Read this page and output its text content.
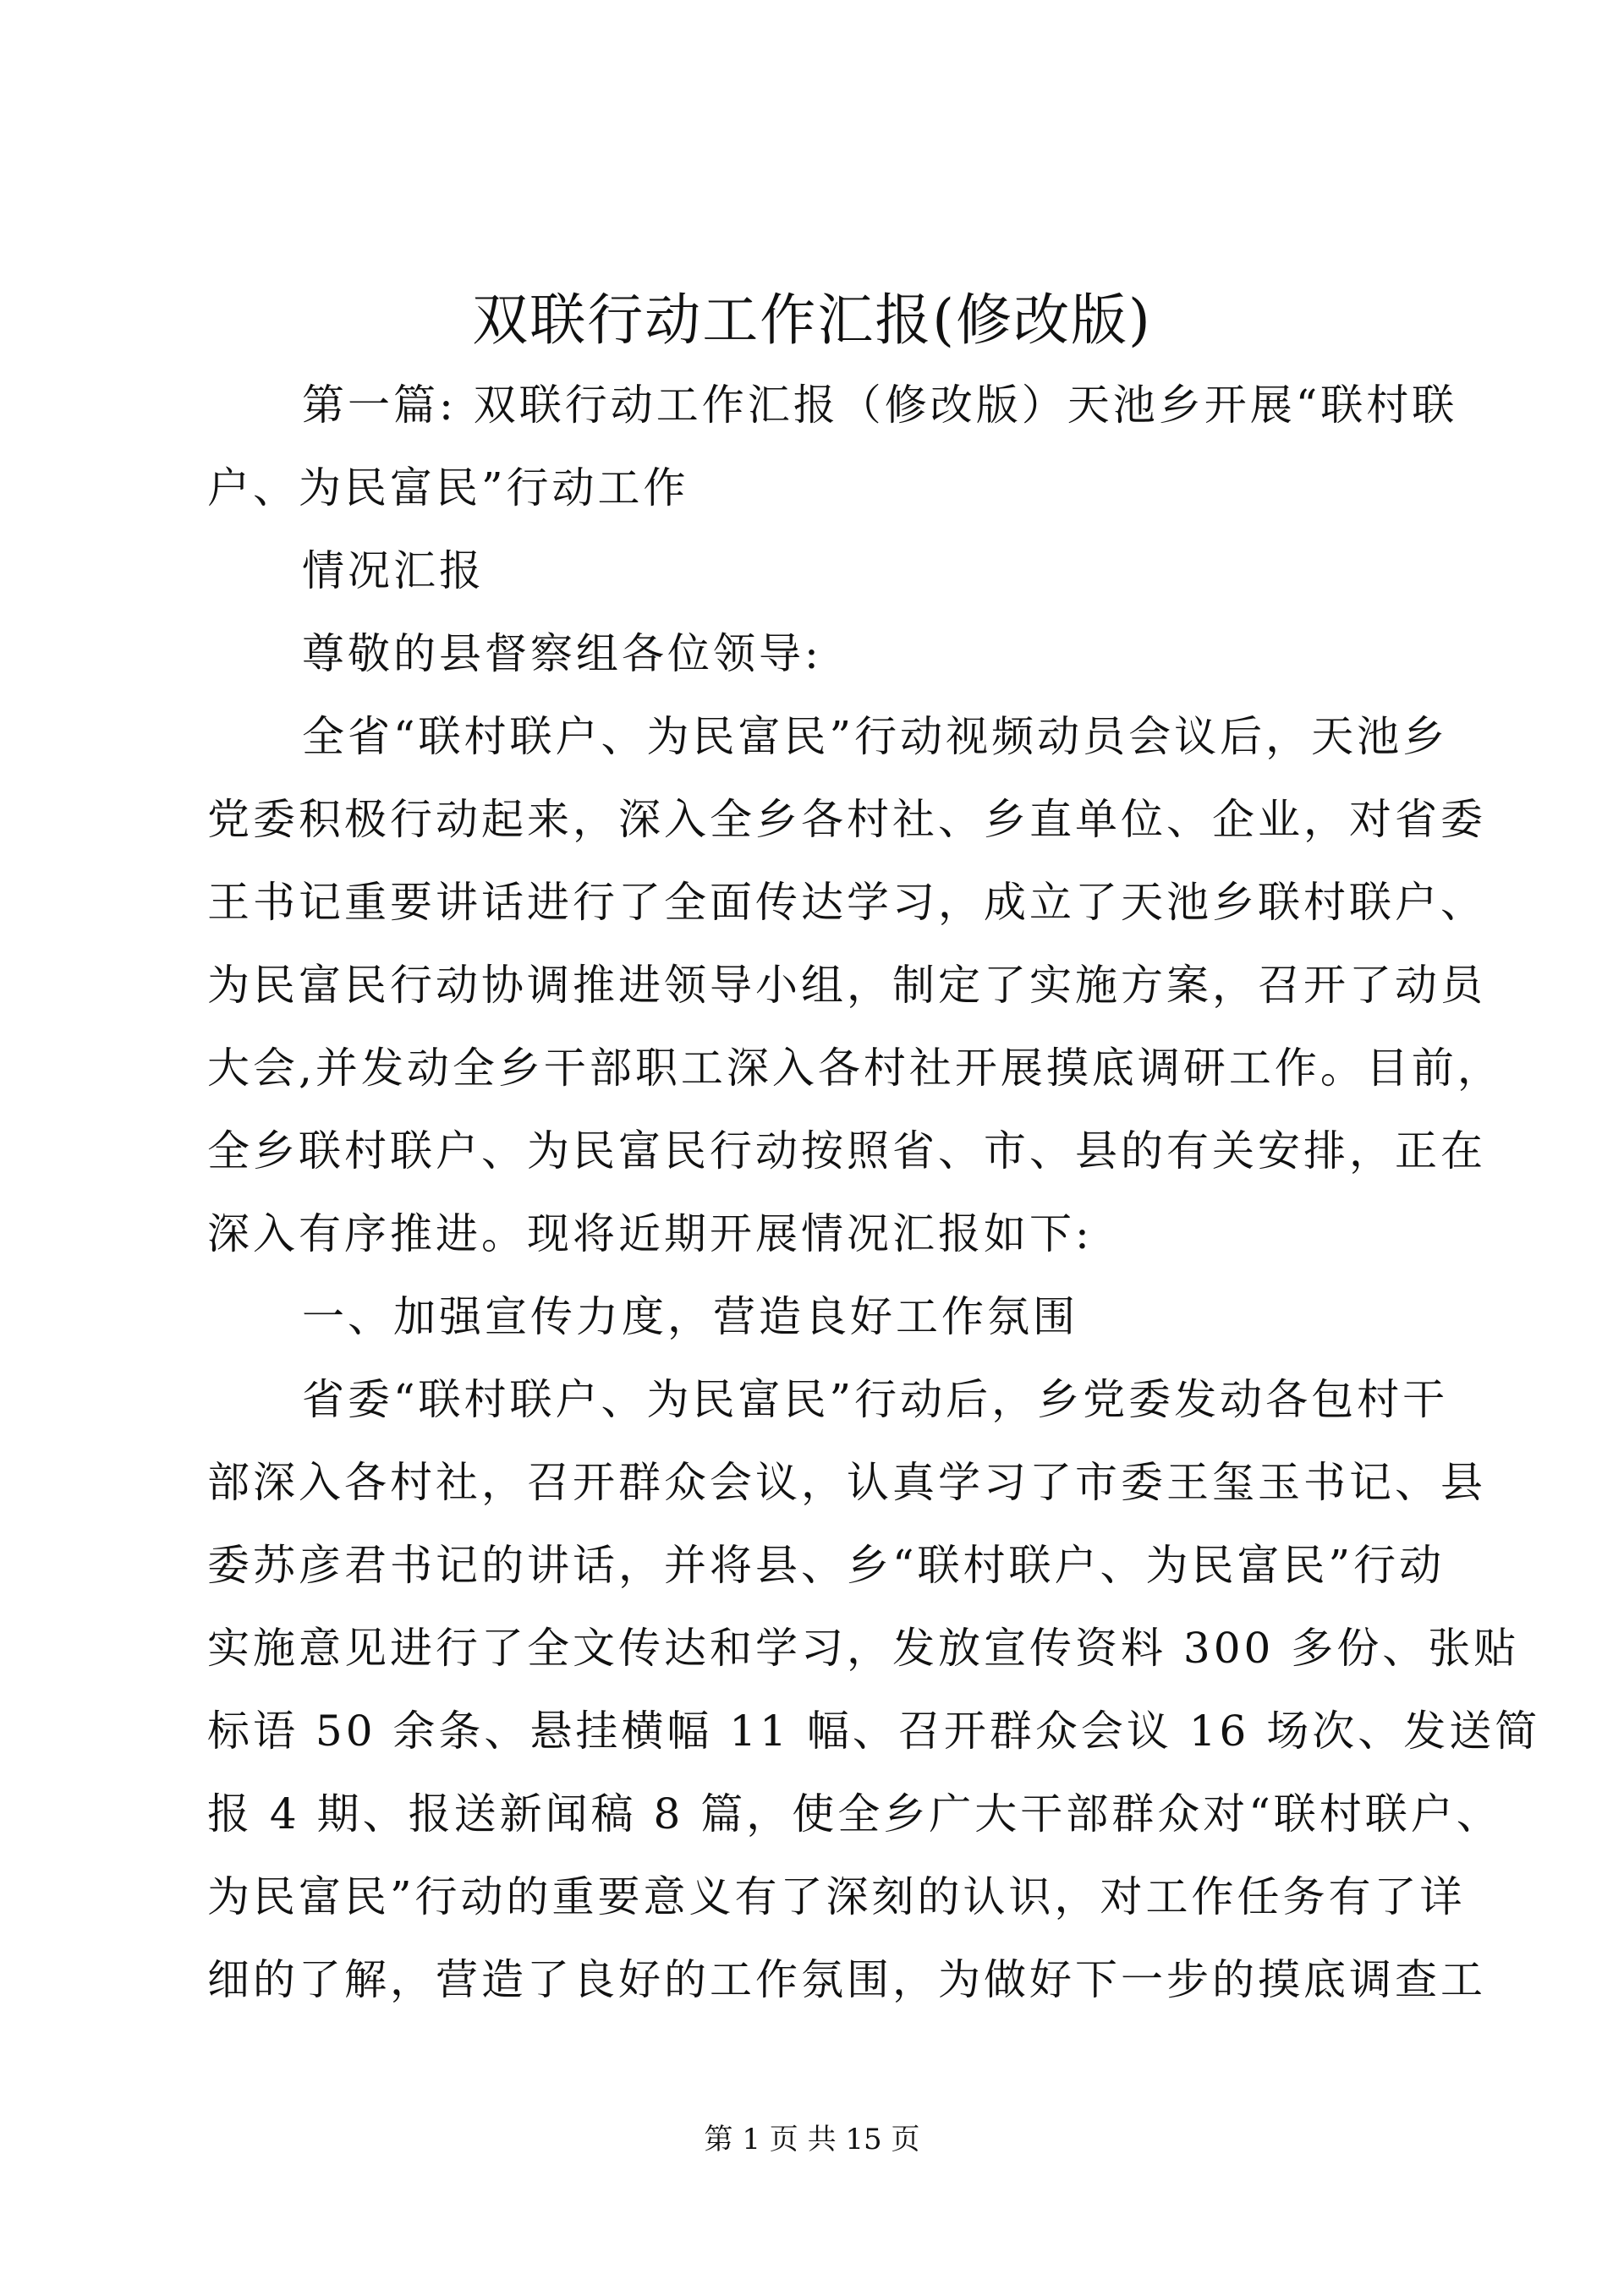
双联行动工作汇报(修改版)
第一篇: 双联行动工作汇报（修改版）天池乡开展“联村联
户、为民富民”行动工作
情况汇报
尊敬的县督察组各位领导:
全省“联村联户、为民富民”行动视频动员会议后，天池乡
党委积极行动起来，深入全乡各村社、乡直单位、企业，对省委
王书记重要讲话进行了全面传达学习，成立了天池乡联村联户、
为民富民行动协调推进领导小组，制定了实施方案，召开了动员
大会,并发动全乡干部职工深入各村社开展摸底调研工作。目前，
全乡联村联户、为民富民行动按照省、市、县的有关安排，正在
深入有序推进。现将近期开展情况汇报如下:
一、加强宣传力度，营造良好工作氛围
省委“联村联户、为民富民”行动后，乡党委发动各包村干
部深入各村社，召开群众会议，认真学习了市委王玺玉书记、县
委苏彦君书记的讲话，并将县、乡“联村联户、为民富民”行动
实施意见进行了全文传达和学习，发放宣传资料 300 多份、张贴
标语 50 余条、悬挂横幅 11 幅、召开群众会议 16 场次、发送简
报 4 期、报送新闻稿 8 篇，使全乡广大干部群众对“联村联户、
为民富民”行动的重要意义有了深刻的认识，对工作任务有了详
细的了解，营造了良好的工作氛围，为做好下一步的摸底调查工
第 1 页 共 15 页
